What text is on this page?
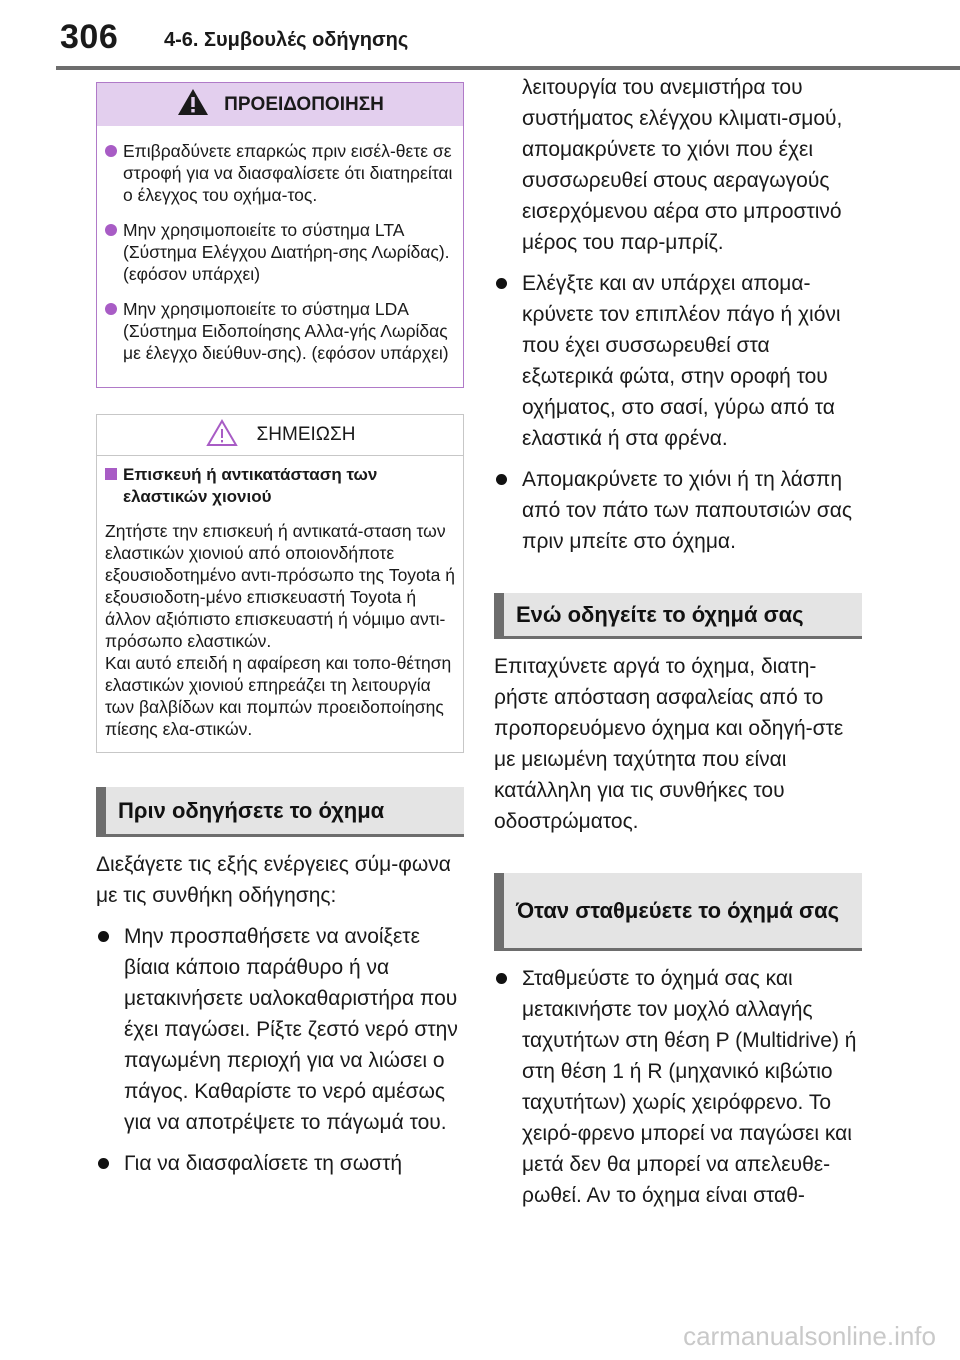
306 4-6. Συμβουλές οδήγησης
ΠΡΟΕΙΔΟΠΟΙΗΣΗ
Επιβραδύνετε επαρκώς πριν εισέλ-θετε σε στροφή για να διασφαλίσετε ότι διατηρείται ο έλεγχος του οχήμα-τος.
Μην χρησιμοποιείτε το σύστημα LTA (Σύστημα Ελέγχου Διατήρη-σης Λωρίδας). (εφόσον υπάρχει)
Μην χρησιμοποιείτε το σύστημα LDA (Σύστημα Ειδοποίησης Αλλα-γής Λωρίδας με έλεγχο διεύθυν-σης). (εφόσον υπάρχει)
ΣΗΜΕΙΩΣΗ
Επισκευή ή αντικατάσταση των ελαστικών χιονιού
Ζητήστε την επισκευή ή αντικατά-σταση των ελαστικών χιονιού από οποιονδήποτε εξουσιοδοτημένο αντι-πρόσωπο της Toyota ή εξουσιοδοτη-μένο επισκευαστή Toyota ή άλλον αξιόπιστο επισκευαστή ή νόμιμο αντι-πρόσωπο ελαστικών.
Και αυτό επειδή η αφαίρεση και τοπο-θέτηση ελαστικών χιονιού επηρεάζει τη λειτουργία των βαλβίδων και πομπών προειδοποίησης πίεσης ελα-στικών.
Πριν οδηγήσετε το όχημα
Διεξάγετε τις εξής ενέργειες σύμ-φωνα με τις συνθήκη οδήγησης:
Μην προσπαθήσετε να ανοίξετε βίαια κάποιο παράθυρο ή να μετακινήσετε υαλοκαθαριστήρα που έχει παγώσει. Ρίξτε ζεστό νερό στην παγωμένη περιοχή για να λιώσει ο πάγος. Καθαρίστε το νερό αμέσως για να αποτρέψετε το πάγωμά του.
Για να διασφαλίσετε τη σωστή
λειτουργία του ανεμιστήρα του συστήματος ελέγχου κλιματι-σμού, απομακρύνετε το χιόνι που έχει συσσωρευθεί στους αεραγωγούς εισερχόμενου αέρα στο μπροστινό μέρος του παρ-μπρίζ.
Ελέγξτε και αν υπάρχει απομα-κρύνετε τον επιπλέον πάγο ή χιόνι που έχει συσσωρευθεί στα εξωτερικά φώτα, στην οροφή του οχήματος, στο σασί, γύρω από τα ελαστικά ή στα φρένα.
Απομακρύνετε το χιόνι ή τη λάσπη από τον πάτο των παπουτσιών σας πριν μπείτε στο όχημα.
Ενώ οδηγείτε το όχημά σας
Επιταχύνετε αργά το όχημα, διατη-ρήστε απόσταση ασφαλείας από το προπορευόμενο όχημα και οδηγή-στε με μειωμένη ταχύτητα που είναι κατάλληλη για τις συνθήκες του οδοστρώματος.
Όταν σταθμεύετε το όχημά σας
Σταθμεύστε το όχημά σας και μετακινήστε τον μοχλό αλλαγής ταχυτήτων στη θέση P (Multidrive) ή στη θέση 1 ή R (μηχανικό κιβώτιο ταχυτήτων) χωρίς χειρόφρενο. Το χειρό-φρενο μπορεί να παγώσει και μετά δεν θα μπορεί να απελευθε-ρωθεί. Αν το όχημα είναι σταθ-
carmanualsonline.info
